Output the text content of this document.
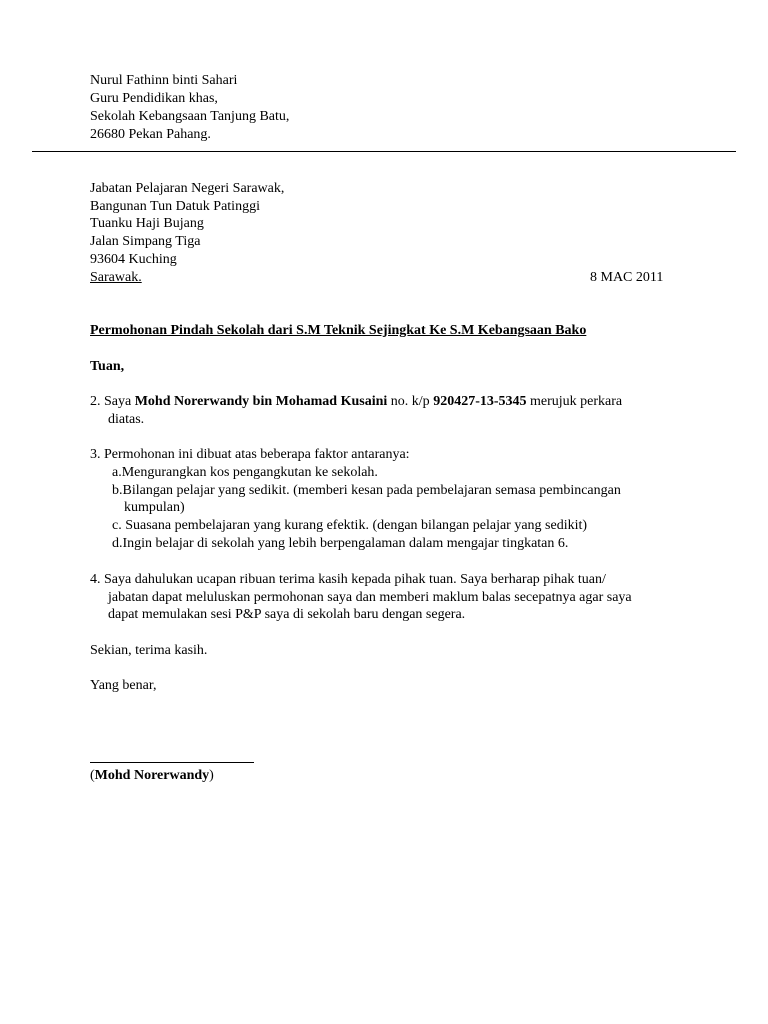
Nurul Fathinn binti Sahari
Guru Pendidikan khas,
Sekolah Kebangsaan Tanjung Batu,
26680 Pekan Pahang.
Jabatan Pelajaran Negeri Sarawak,
Bangunan Tun Datuk Patinggi
Tuanku Haji Bujang
Jalan Simpang Tiga
93604 Kuching
Sarawak.	8 MAC 2011
Permohonan Pindah Sekolah dari S.M Teknik Sejingkat Ke S.M Kebangsaan Bako
Tuan,
2. Saya Mohd Norerwandy bin Mohamad Kusaini no. k/p 920427-13-5345 merujuk perkara
diatas.
3. Permohonan ini dibuat atas beberapa faktor antaranya:
a.Mengurangkan kos pengangkutan ke sekolah.
b.Bilangan pelajar yang sedikit. (memberi kesan pada pembelajaran semasa pembincangan
kumpulan)
c. Suasana pembelajaran yang kurang efektik. (dengan bilangan pelajar yang sedikit)
d.Ingin belajar di sekolah yang lebih berpengalaman dalam mengajar tingkatan 6.
4. Saya dahulukan ucapan ribuan terima kasih kepada pihak tuan. Saya berharap pihak tuan/
jabatan dapat meluluskan permohonan saya dan memberi maklum balas secepatnya agar saya
dapat memulakan sesi P&P saya di sekolah baru dengan segera.
Sekian, terima kasih.
Yang benar,
(Mohd Norerwandy)
